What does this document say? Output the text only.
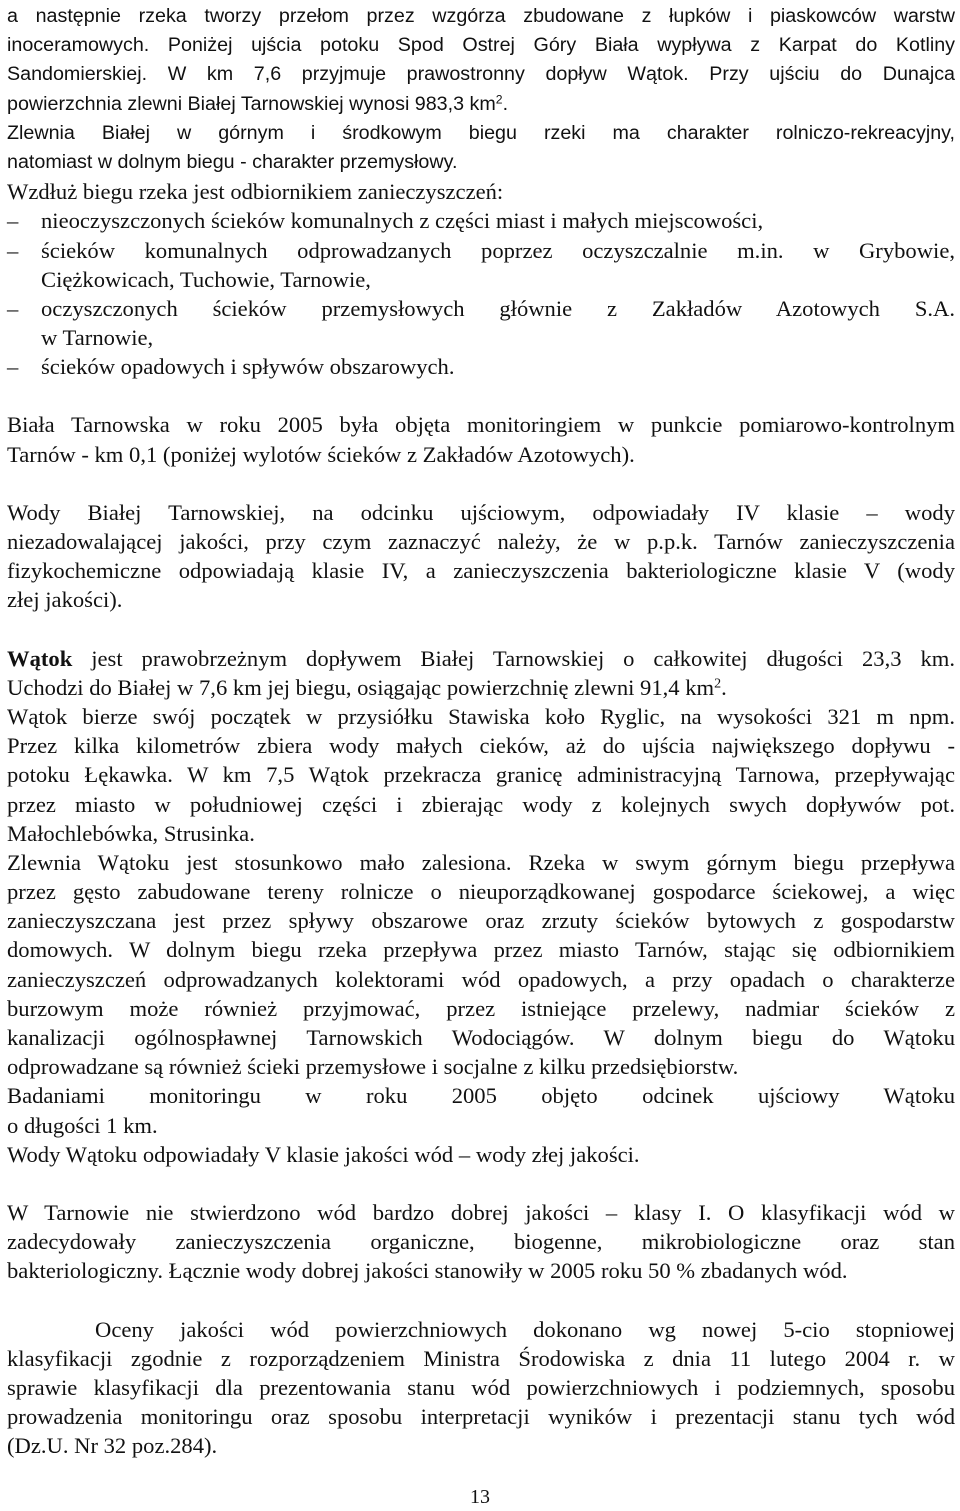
a następnie rzeka tworzy przełom przez wzgórza zbudowane z łupków i piaskowców warstw
inoceramowych. Poniżej ujścia potoku Spod Ostrej Góry Biała wypływa z Karpat do Kotliny
Sandomierskiej. W km 7,6 przyjmuje prawostronny dopływ Wątok. Przy ujściu do Dunajca
powierzchnia zlewni Białej Tarnowskiej wynosi 983,3 $km^2$.
Zlewnia Białej w górnym i środkowym biegu rzeki ma charakter rolniczo-rekreacyjny,
natomiast w dolnym biegu - charakter przemysłowy.
Wzdłuż biegu rzeka jest odbiornikiem zanieczyszczeń:
–	nieoczyszczonych ścieków komunalnych z części miast i małych miejscowości,
–	ścieków komunalnych odprowadzanych poprzez oczyszczalnie m.in. w Grybowie,
Ciężkowicach, Tuchowie, Tarnowie,
–	oczyszczonych ścieków przemysłowych głównie z Zakładów Azotowych S.A.
w Tarnowie,
–	ścieków opadowych i spływów obszarowych.
Biała Tarnowska w roku 2005 była objęta monitoringiem w punkcie pomiarowo-kontrolnym
Tarnów - km 0,1 (poniżej wylotów ścieków z Zakładów Azotowych).
Wody Białej Tarnowskiej, na odcinku ujściowym, odpowiadały IV klasie – wody
niezadowalającej jakości, przy czym zaznaczyć należy, że w p.p.k. Tarnów zanieczyszczenia
fizykochemiczne odpowiadają klasie IV, a zanieczyszczenia bakteriologiczne klasie V (wody
złej jakości).
Wątok jest prawobrzeżnym dopływem Białej Tarnowskiej o całkowitej długości 23,3 km.
Uchodzi do Białej w 7,6 km jej biegu, osiągając powierzchnię zlewni 91,4 $km^2$.
Wątok bierze swój początek w przysiółku Stawiska koło Ryglic, na wysokości 321 m npm.
Przez kilka kilometrów zbiera wody małych cieków, aż do ujścia największego dopływu -
potoku Łękawka. W km 7,5 Wątok przekracza granicę administracyjną Tarnowa, przepływając
przez miasto w południowej części i zbierając wody z kolejnych swych dopływów pot.
Małochlebówka, Strusinka.
Zlewnia Wątoku jest stosunkowo mało zalesiona. Rzeka w swym górnym biegu przepływa
przez gęsto zabudowane tereny rolnicze o nieuporządkowanej gospodarce ściekowej, a więc
zanieczyszczana jest przez spływy obszarowe oraz zrzuty ścieków bytowych z gospodarstw
domowych. W dolnym biegu rzeka przepływa przez miasto Tarnów, stając się odbiornikiem
zanieczyszczeń odprowadzanych kolektorami wód opadowych, a przy opadach o charakterze
burzowym może również przyjmować, przez istniejące przelewy, nadmiar ścieków z
kanalizacji ogólnospławnej Tarnowskich Wodociągów. W dolnym biegu do Wątoku
odprowadzane są również ścieki przemysłowe i socjalne z kilku przedsiębiorstw.
Badaniami monitoringu w roku 2005 objęto odcinek ujściowy Wątoku
o długości 1 km.
Wody Wątoku odpowiadały V klasie jakości wód – wody złej jakości.
W Tarnowie nie stwierdzono wód bardzo dobrej jakości – klasy I. O klasyfikacji wód w
zadecydowały zanieczyszczenia organiczne, biogenne, mikrobiologiczne oraz stan
bakteriologiczny. Łącznie wody dobrej jakości stanowiły w 2005 roku 50 % zbadanych wód.
Oceny jakości wód powierzchniowych dokonano wg nowej 5-cio stopniowej
klasyfikacji zgodnie z rozporządzeniem Ministra Środowiska z dnia 11 lutego 2004 r. w
sprawie klasyfikacji dla prezentowania stanu wód powierzchniowych i podziemnych, sposobu
prowadzenia monitoringu oraz sposobu interpretacji wyników i prezentacji stanu tych wód
(Dz.U. Nr 32 poz.284).
13
